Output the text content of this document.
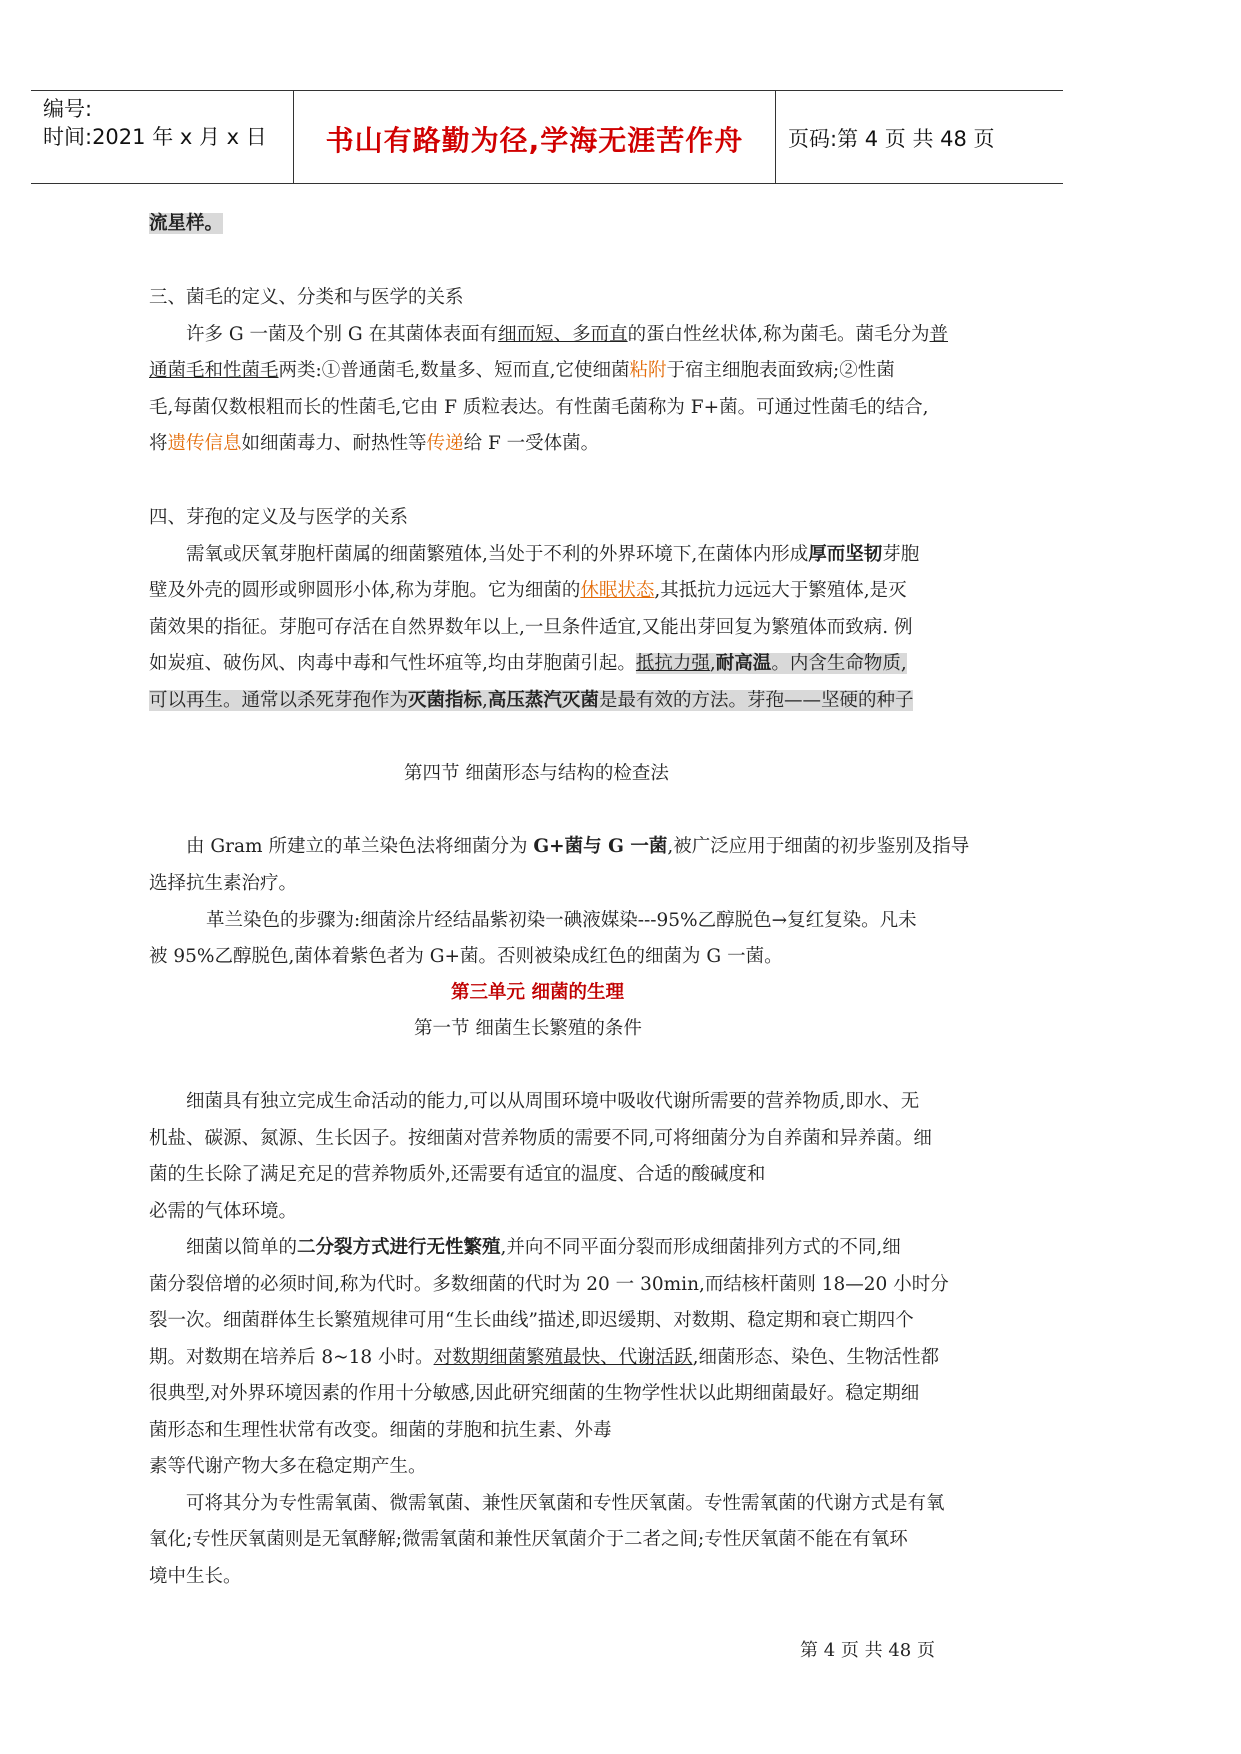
编号:
时间:2021 年 x 月 x 日	书山有路勤为径,学海无涯苦作舟	页码:第 4 页 共 48 页
流星样。
三、菌毛的定义、分类和与医学的关系
许多 G 一菌及个别 G 在其菌体表面有细而短、多而直的蛋白性丝状体,称为菌毛。菌毛分为普
通菌毛和性菌毛两类:①普通菌毛,数量多、短而直,它使细菌粘附于宿主细胞表面致病;②性菌
毛,每菌仅数根粗而长的性菌毛,它由 F 质粒表达。有性菌毛菌称为 F+菌。可通过性菌毛的结合,
将遗传信息如细菌毒力、耐热性等传递给 F 一受体菌。
四、芽孢的定义及与医学的关系
需氧或厌氧芽胞杆菌属的细菌繁殖体,当处于不利的外界环境下,在菌体内形成厚而坚韧芽胞
壁及外壳的圆形或卵圆形小体,称为芽胞。它为细菌的休眠状态,其抵抗力远远大于繁殖体,是灭
菌效果的指征。芽胞可存活在自然界数年以上,一旦条件适宜,又能出芽回复为繁殖体而致病. 例
如炭疽、破伤风、肉毒中毒和气性坏疽等,均由芽胞菌引起。抵抗力强,耐高温。内含生命物质,
可以再生。通常以杀死芽孢作为灭菌指标,高压蒸汽灭菌是最有效的方法。芽孢——坚硬的种子
第四节 细菌形态与结构的检查法
由 Gram 所建立的革兰染色法将细菌分为 G+菌与 G 一菌,被广泛应用于细菌的初步鉴别及指导
选择抗生素治疗。
革兰染色的步骤为:细菌涂片经结晶紫初染一碘液媒染---95%乙醇脱色→复红复染。凡未
被 95%乙醇脱色,菌体着紫色者为 G+菌。否则被染成红色的细菌为 G 一菌。
第三单元 细菌的生理
第一节 细菌生长繁殖的条件
细菌具有独立完成生命活动的能力,可以从周围环境中吸收代谢所需要的营养物质,即水、无
机盐、碳源、氮源、生长因子。按细菌对营养物质的需要不同,可将细菌分为自养菌和异养菌。细
菌的生长除了满足充足的营养物质外,还需要有适宜的温度、合适的酸碱度和
必需的气体环境。
细菌以简单的二分裂方式进行无性繁殖,并向不同平面分裂而形成细菌排列方式的不同,细
菌分裂倍增的必须时间,称为代时。多数细菌的代时为 20 一 30min,而结核杆菌则 18—20 小时分
裂一次。细菌群体生长繁殖规律可用“生长曲线”描述,即迟缓期、对数期、稳定期和衰亡期四个
期。对数期在培养后 8~18 小时。对数期细菌繁殖最快、代谢活跃,细菌形态、染色、生物活性都
很典型,对外界环境因素的作用十分敏感,因此研究细菌的生物学性状以此期细菌最好。稳定期细
菌形态和生理性状常有改变。细菌的芽胞和抗生素、外毒
素等代谢产物大多在稳定期产生。
可将其分为专性需氧菌、微需氧菌、兼性厌氧菌和专性厌氧菌。专性需氧菌的代谢方式是有氧
氧化;专性厌氧菌则是无氧酵解;微需氧菌和兼性厌氧菌介于二者之间;专性厌氧菌不能在有氧环
境中生长。
第 4 页 共 48 页
